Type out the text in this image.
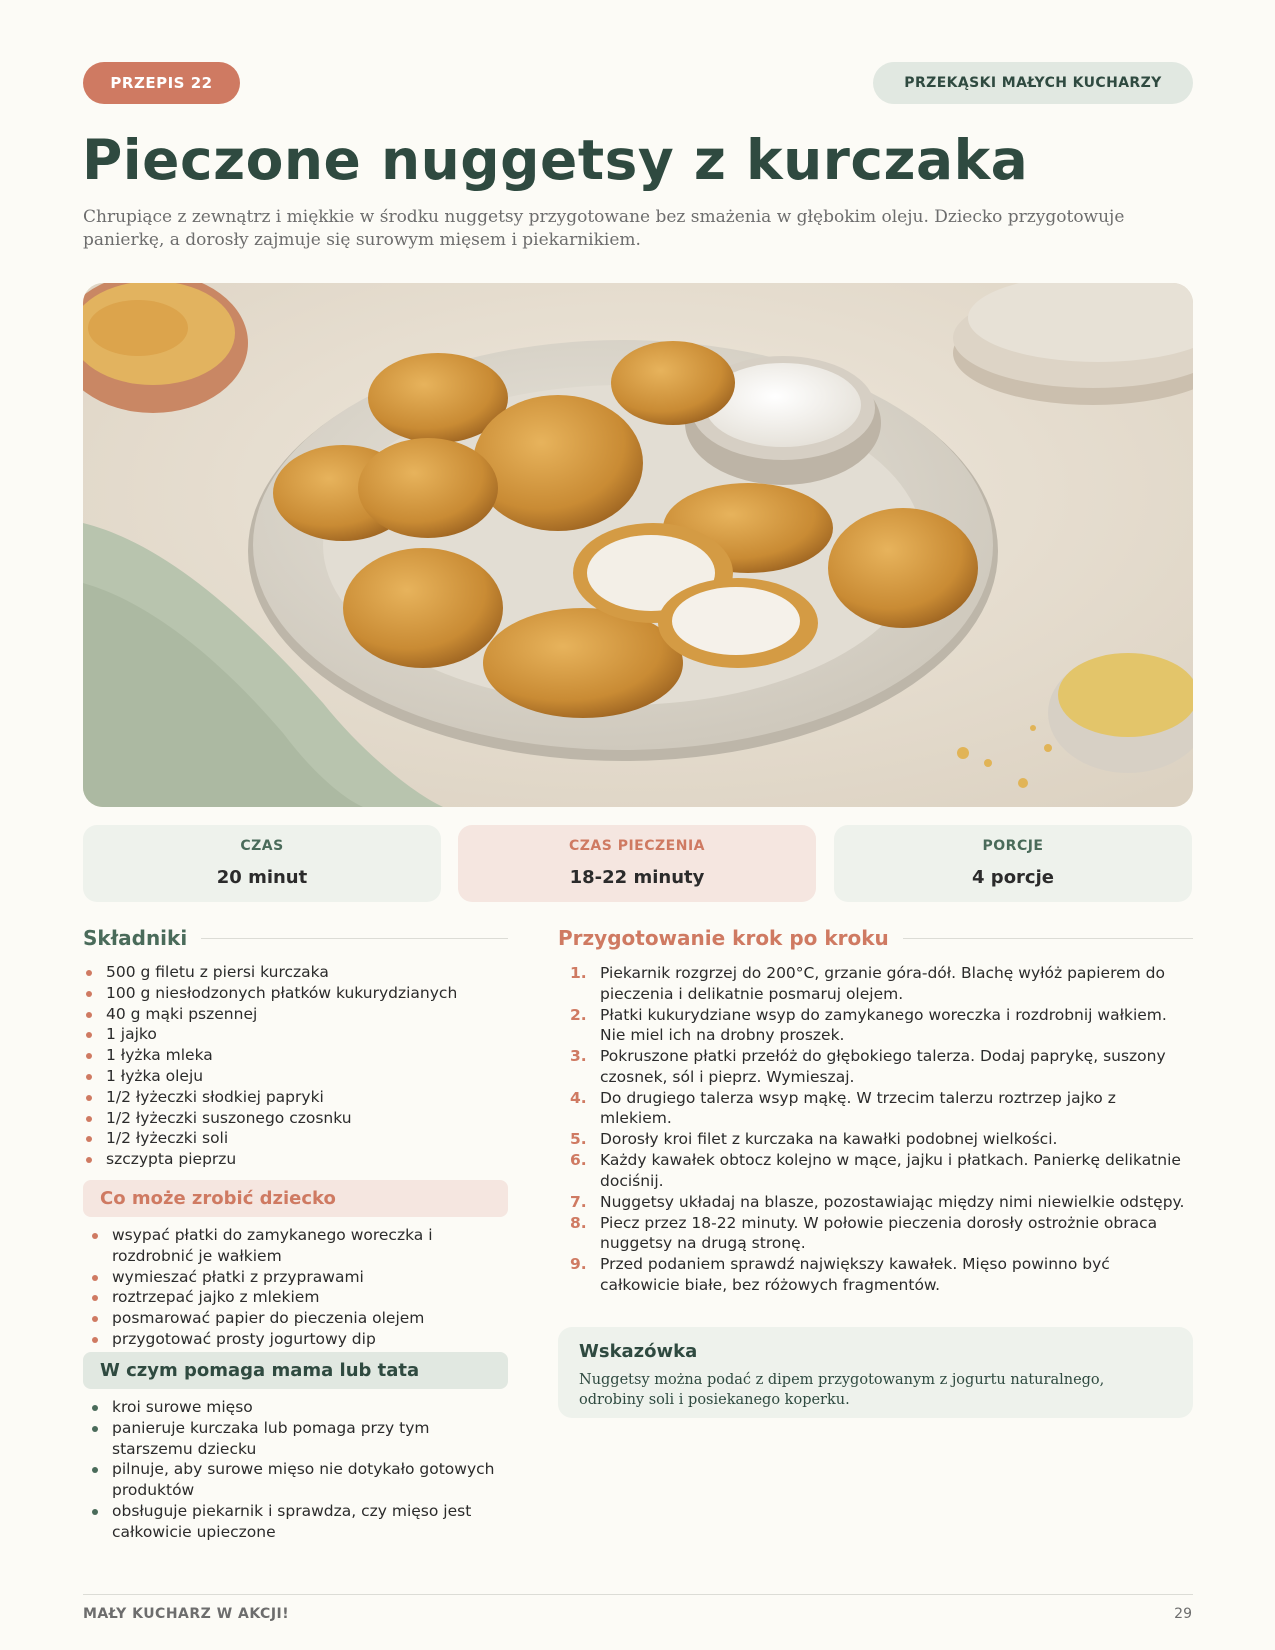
PRZEPIS 22	PRZEKĄSKI MAŁYCH KUCHARZY
Pieczone nuggetsy z kurczaka

Chrupiące z zewnątrz i miękkie w środku nuggetsy przygotowane bez smażenia w głębokim oleju. Dziecko przygotowuje panierkę, a dorosły zajmuje się surowym mięsem i piekarnikiem.

CZAS
20 minut
CZAS PIECZENIA
18-22 minuty
PORCJE
4 porcje
Składniki
500 g filetu z piersi kurczaka
100 g niesłodzonych płatków kukurydzianych
40 g mąki pszennej
1 jajko
1 łyżka mleka
1 łyżka oleju
1/2 łyżeczki słodkiej papryki
1/2 łyżeczki suszonego czosnku
1/2 łyżeczki soli
szczypta pieprzu
Co może zrobić dziecko
wsypać płatki do zamykanego woreczka i rozdrobnić je wałkiem
wymieszać płatki z przyprawami
roztrzepać jajko z mlekiem
posmarować papier do pieczenia olejem
przygotować prosty jogurtowy dip
W czym pomaga mama lub tata
kroi surowe mięso
panieruje kurczaka lub pomaga przy tym starszemu dziecku
pilnuje, aby surowe mięso nie dotykało gotowych produktów
obsługuje piekarnik i sprawdza, czy mięso jest całkowicie upieczone
Przygotowanie krok po kroku
1. Piekarnik rozgrzej do 200°C, grzanie góra-dół. Blachę wyłóż papierem do pieczenia i delikatnie posmaruj olejem.
2. Płatki kukurydziane wsyp do zamykanego woreczka i rozdrobnij wałkiem. Nie miel ich na drobny proszek.
3. Pokruszone płatki przełóż do głębokiego talerza. Dodaj paprykę, suszony czosnek, sól i pieprz. Wymieszaj.
4. Do drugiego talerza wsyp mąkę. W trzecim talerzu roztrzep jajko z mlekiem.
5. Dorosły kroi filet z kurczaka na kawałki podobnej wielkości.
6. Każdy kawałek obtocz kolejno w mące, jajku i płatkach. Panierkę delikatnie dociśnij.
7. Nuggetsy układaj na blasze, pozostawiając między nimi niewielkie odstępy.
8. Piecz przez 18-22 minuty. W połowie pieczenia dorosły ostrożnie obraca nuggetsy na drugą stronę.
9. Przed podaniem sprawdź największy kawałek. Mięso powinno być całkowicie białe, bez różowych fragmentów.
Wskazówka
Nuggetsy można podać z dipem przygotowanym z jogurtu naturalnego, odrobiny soli i posiekanego koperku.
MAŁY KUCHARZ W AKCJI!	29
